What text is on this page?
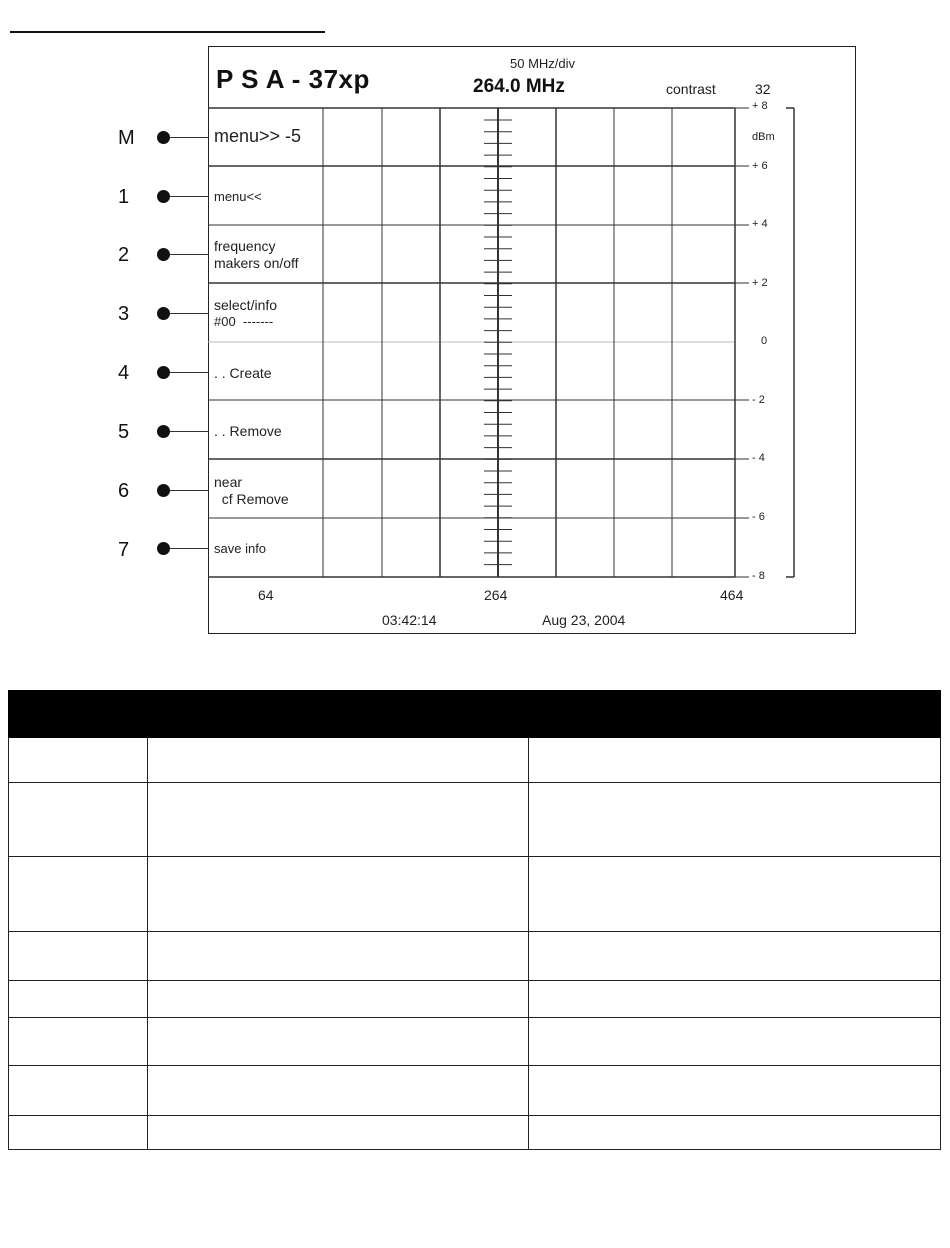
P S A - 37xp
50 MHz/div
264.0 MHz	contrast	32
+ 8
dBm
+ 6
+ 4
+ 2
0
- 2
- 4
- 6
- 8
64	264	464
03:42:14	Aug 23, 2004
M	menu>> -5
1	menu<<
2	frequency
makers on/off
3	select/info
#00  -------
4	. . Create
5	. . Remove
6	near
cf Remove
7	save info
